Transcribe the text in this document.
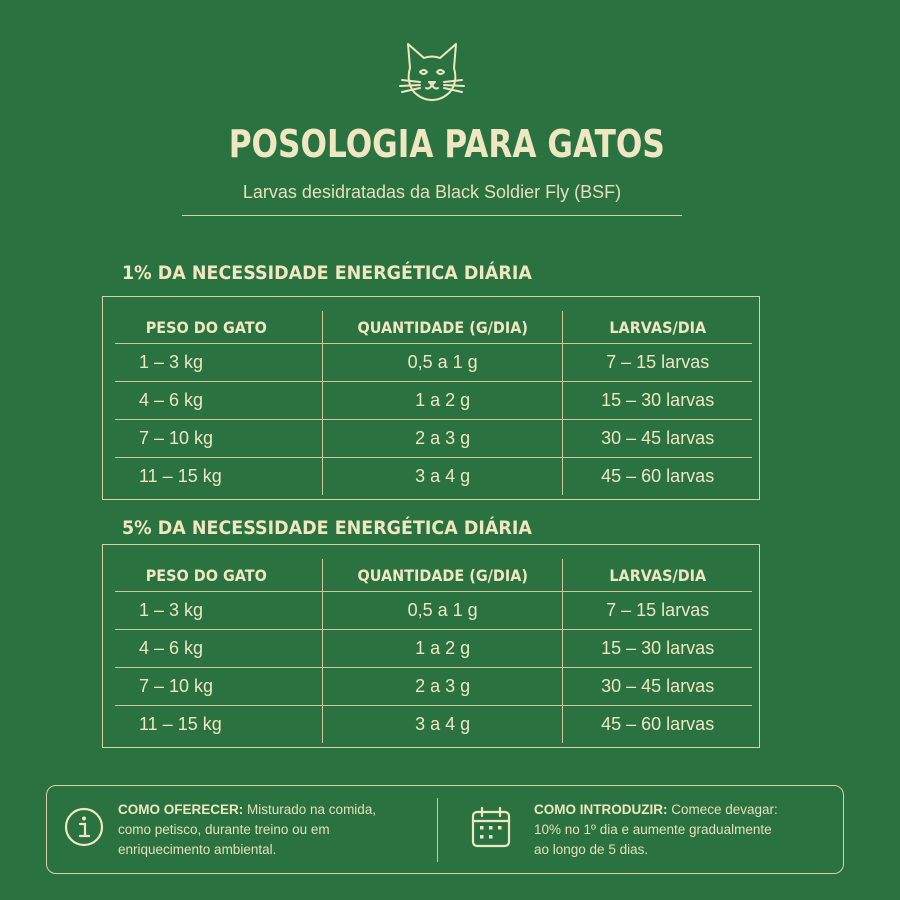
POSOLOGIA PARA GATOS
Larvas desidratadas da Black Soldier Fly (BSF)
1% DA NECESSIDADE ENERGÉTICA DIÁRIA
PESO DO GATO	QUANTIDADE (G/DIA)	LARVAS/DIA
1 – 3 kg	0,5 a 1 g	7 – 15 larvas
4 – 6 kg	1 a 2 g	15 – 30 larvas
7 – 10 kg	2 a 3 g	30 – 45 larvas
11 – 15 kg	3 a 4 g	45 – 60 larvas
5% DA NECESSIDADE ENERGÉTICA DIÁRIA
PESO DO GATO	QUANTIDADE (G/DIA)	LARVAS/DIA
1 – 3 kg	0,5 a 1 g	7 – 15 larvas
4 – 6 kg	1 a 2 g	15 – 30 larvas
7 – 10 kg	2 a 3 g	30 – 45 larvas
11 – 15 kg	3 a 4 g	45 – 60 larvas
COMO OFERECER: Misturado na comida,
como petisco, durante treino ou em
enriquecimento ambiental.
COMO INTRODUZIR: Comece devagar:
10% no 1º dia e aumente gradualmente
ao longo de 5 dias.
